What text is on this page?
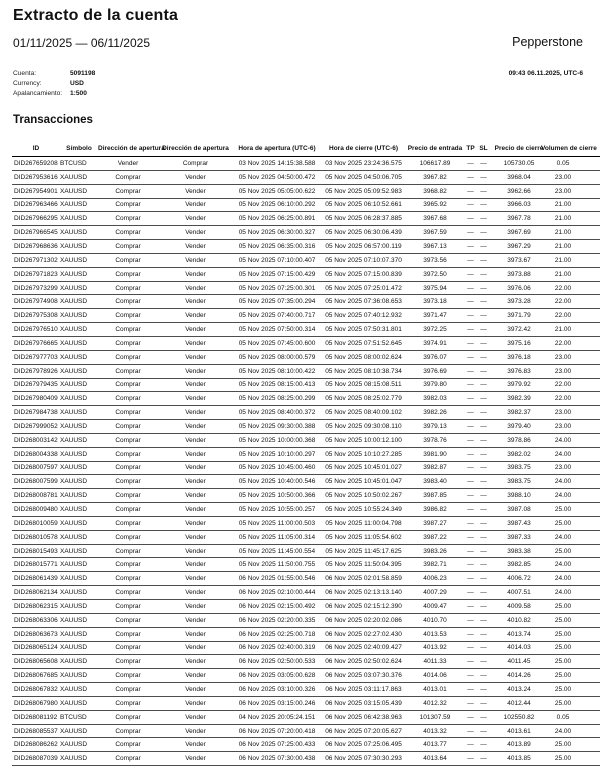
Extracto de la cuenta
01/11/2025 — 06/11/2025	Pepperstone
Cuenta:	5091198
Currency:	USD
Apalancamiento: 1:500
09:43 06.11.2025, UTC-6
Transacciones
ID	Símbolo	Dirección de apertura	Dirección de apertura	Hora de apertura (UTC-6)	Hora de cierre (UTC-6)	Precio de entrada	TP	SL	Precio de cierre	Volumen de cierre
DID267659208	BTCUSD	Vender	Comprar	03 Nov 2025 14:15:38.588	03 Nov 2025 23:24:36.575	106617.89	—	—	105730.05	0.05
DID267953616	XAUUSD	Comprar	Vender	05 Nov 2025 04:50:00.472	05 Nov 2025 04:50:06.705	3967.82	—	—	3968.04	23.00
DID267954901	XAUUSD	Comprar	Vender	05 Nov 2025 05:05:00.622	05 Nov 2025 05:09:52.983	3968.82	—	—	3962.66	23.00
DID267963466	XAUUSD	Comprar	Vender	05 Nov 2025 06:10:00.292	05 Nov 2025 06:10:52.661	3965.92	—	—	3966.03	21.00
DID267966295	XAUUSD	Comprar	Vender	05 Nov 2025 06:25:00.891	05 Nov 2025 06:28:37.885	3967.68	—	—	3967.78	21.00
DID267966545	XAUUSD	Comprar	Vender	05 Nov 2025 06:30:00.327	05 Nov 2025 06:30:06.439	3967.59	—	—	3967.69	21.00
DID267968636	XAUUSD	Comprar	Vender	05 Nov 2025 06:35:00.316	05 Nov 2025 06:57:00.119	3967.13	—	—	3967.29	21.00
DID267971302	XAUUSD	Comprar	Vender	05 Nov 2025 07:10:00.407	05 Nov 2025 07:10:07.370	3973.56	—	—	3973.67	21.00
DID267971823	XAUUSD	Comprar	Vender	05 Nov 2025 07:15:00.429	05 Nov 2025 07:15:00.839	3972.50	—	—	3973.88	21.00
DID267973299	XAUUSD	Comprar	Vender	05 Nov 2025 07:25:00.301	05 Nov 2025 07:25:01.472	3975.94	—	—	3976.06	22.00
DID267974908	XAUUSD	Comprar	Vender	05 Nov 2025 07:35:00.294	05 Nov 2025 07:36:08.653	3973.18	—	—	3973.28	22.00
DID267975308	XAUUSD	Comprar	Vender	05 Nov 2025 07:40:00.717	05 Nov 2025 07:40:12.932	3971.47	—	—	3971.79	22.00
DID267976510	XAUUSD	Comprar	Vender	05 Nov 2025 07:50:00.314	05 Nov 2025 07:50:31.801	3972.25	—	—	3972.42	21.00
DID267976665	XAUUSD	Comprar	Vender	05 Nov 2025 07:45:00.600	05 Nov 2025 07:51:52.645	3974.91	—	—	3975.16	22.00
DID267977703	XAUUSD	Comprar	Vender	05 Nov 2025 08:00:00.579	05 Nov 2025 08:00:02.624	3976.07	—	—	3976.18	23.00
DID267978926	XAUUSD	Comprar	Vender	05 Nov 2025 08:10:00.422	05 Nov 2025 08:10:38.734	3976.69	—	—	3976.83	23.00
DID267979435	XAUUSD	Comprar	Vender	05 Nov 2025 08:15:00.413	05 Nov 2025 08:15:08.511	3979.80	—	—	3979.92	22.00
DID267980409	XAUUSD	Comprar	Vender	05 Nov 2025 08:25:00.299	05 Nov 2025 08:25:02.779	3982.03	—	—	3982.39	22.00
DID267984738	XAUUSD	Comprar	Vender	05 Nov 2025 08:40:00.372	05 Nov 2025 08:40:09.102	3982.26	—	—	3982.37	23.00
DID267999052	XAUUSD	Comprar	Vender	05 Nov 2025 09:30:00.388	05 Nov 2025 09:30:08.110	3979.13	—	—	3979.40	23.00
DID268003142	XAUUSD	Comprar	Vender	05 Nov 2025 10:00:00.368	05 Nov 2025 10:00:12.100	3978.76	—	—	3978.86	24.00
DID268004338	XAUUSD	Comprar	Vender	05 Nov 2025 10:10:00.297	05 Nov 2025 10:10:27.285	3981.90	—	—	3982.02	24.00
DID268007597	XAUUSD	Comprar	Vender	05 Nov 2025 10:45:00.460	05 Nov 2025 10:45:01.027	3982.87	—	—	3983.75	23.00
DID268007599	XAUUSD	Comprar	Vender	05 Nov 2025 10:40:00.546	05 Nov 2025 10:45:01.047	3983.40	—	—	3983.75	24.00
DID268008781	XAUUSD	Comprar	Vender	05 Nov 2025 10:50:00.366	05 Nov 2025 10:50:02.267	3987.85	—	—	3988.10	24.00
DID268009480	XAUUSD	Comprar	Vender	05 Nov 2025 10:55:00.257	05 Nov 2025 10:55:24.349	3986.82	—	—	3987.08	25.00
DID268010059	XAUUSD	Comprar	Vender	05 Nov 2025 11:00:00.503	05 Nov 2025 11:00:04.798	3987.27	—	—	3987.43	25.00
DID268010578	XAUUSD	Comprar	Vender	05 Nov 2025 11:05:00.314	05 Nov 2025 11:05:54.602	3987.22	—	—	3987.33	24.00
DID268015493	XAUUSD	Comprar	Vender	05 Nov 2025 11:45:00.554	05 Nov 2025 11:45:17.625	3983.26	—	—	3983.38	25.00
DID268015771	XAUUSD	Comprar	Vender	05 Nov 2025 11:50:00.755	05 Nov 2025 11:50:04.395	3982.71	—	—	3982.85	24.00
DID268061439	XAUUSD	Comprar	Vender	06 Nov 2025 01:55:00.546	06 Nov 2025 02:01:58.859	4006.23	—	—	4006.72	24.00
DID268062134	XAUUSD	Comprar	Vender	06 Nov 2025 02:10:00.444	06 Nov 2025 02:13:13.140	4007.29	—	—	4007.51	24.00
DID268062315	XAUUSD	Comprar	Vender	06 Nov 2025 02:15:00.492	06 Nov 2025 02:15:12.390	4009.47	—	—	4009.58	25.00
DID268063306	XAUUSD	Comprar	Vender	06 Nov 2025 02:20:00.335	06 Nov 2025 02:20:02.086	4010.70	—	—	4010.82	25.00
DID268063673	XAUUSD	Comprar	Vender	06 Nov 2025 02:25:00.718	06 Nov 2025 02:27:02.430	4013.53	—	—	4013.74	25.00
DID268065124	XAUUSD	Comprar	Vender	06 Nov 2025 02:40:00.319	06 Nov 2025 02:40:09.427	4013.92	—	—	4014.03	25.00
DID268065608	XAUUSD	Comprar	Vender	06 Nov 2025 02:50:00.533	06 Nov 2025 02:50:02.624	4011.33	—	—	4011.45	25.00
DID268067685	XAUUSD	Comprar	Vender	06 Nov 2025 03:05:00.628	06 Nov 2025 03:07:30.376	4014.06	—	—	4014.26	25.00
DID268067832	XAUUSD	Comprar	Vender	06 Nov 2025 03:10:00.326	06 Nov 2025 03:11:17.863	4013.01	—	—	4013.24	25.00
DID268067980	XAUUSD	Comprar	Vender	06 Nov 2025 03:15:00.246	06 Nov 2025 03:15:05.439	4012.32	—	—	4012.44	25.00
DID268081192	BTCUSD	Comprar	Vender	04 Nov 2025 20:05:24.151	06 Nov 2025 06:42:38.963	101307.59	—	—	102550.82	0.05
DID268085537	XAUUSD	Comprar	Vender	06 Nov 2025 07:20:00.418	06 Nov 2025 07:20:05.627	4013.32	—	—	4013.61	24.00
DID268086262	XAUUSD	Comprar	Vender	06 Nov 2025 07:25:00.433	06 Nov 2025 07:25:06.495	4013.77	—	—	4013.89	25.00
DID268087039	XAUUSD	Comprar	Vender	06 Nov 2025 07:30:00.438	06 Nov 2025 07:30:30.293	4013.64	—	—	4013.85	25.00
